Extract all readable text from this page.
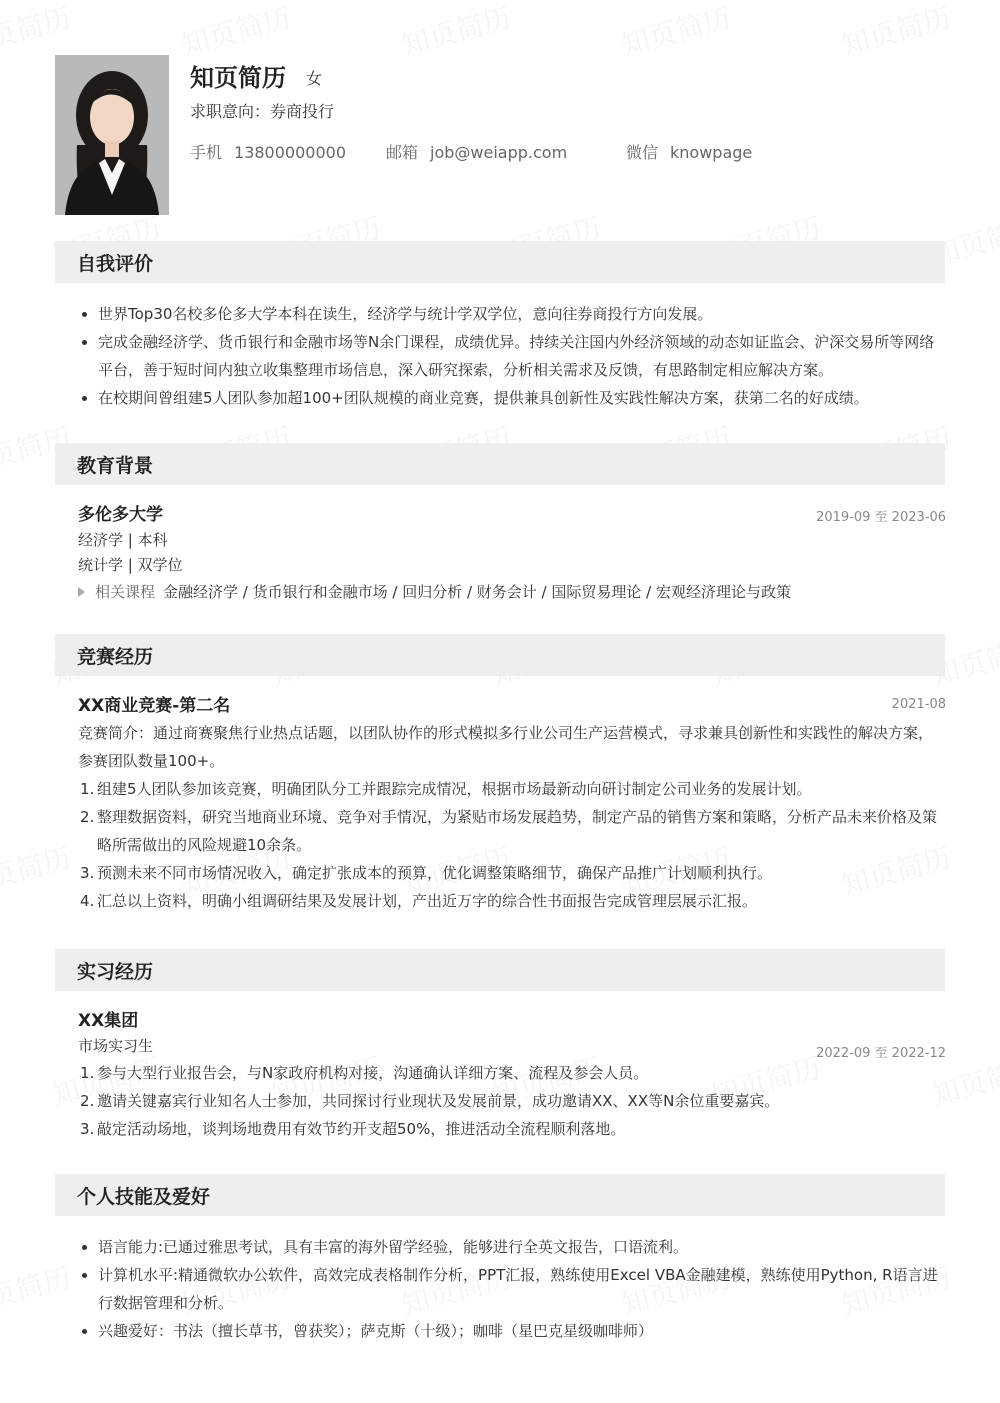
知页简历 女
求职意向：券商投行
手机 13800000000	邮箱 job@weiapp.com	微信 knowpage
自我评价
世界Top30名校多伦多大学本科在读生，经济学与统计学双学位，意向往券商投行方向发展。
完成金融经济学、货币银行和金融市场等N余门课程，成绩优异。持续关注国内外经济领域的动态如证监会、沪深交易所等网络平台，善于短时间内独立收集整理市场信息，深入研究探索，分析相关需求及反馈，有思路制定相应解决方案。
在校期间曾组建5人团队参加超100+团队规模的商业竞赛，提供兼具创新性及实践性解决方案，获第二名的好成绩。
教育背景
多伦多大学	2019-09 至 2023-06
经济学 | 本科
统计学 | 双学位
相关课程 金融经济学 / 货币银行和金融市场 / 回归分析 / 财务会计 / 国际贸易理论 / 宏观经济理论与政策
竞赛经历
XX商业竞赛-第二名	2021-08
竞赛简介：通过商赛聚焦行业热点话题，以团队协作的形式模拟多行业公司生产运营模式，寻求兼具创新性和实践性的解决方案，参赛团队数量100+。
1. 组建5人团队参加该竞赛，明确团队分工并跟踪完成情况，根据市场最新动向研讨制定公司业务的发展计划。
2. 整理数据资料，研究当地商业环境、竞争对手情况，为紧贴市场发展趋势，制定产品的销售方案和策略，分析产品未来价格及策略所需做出的风险规避10余条。
3. 预测未来不同市场情况收入，确定扩张成本的预算，优化调整策略细节，确保产品推广计划顺利执行。
4. 汇总以上资料，明确小组调研结果及发展计划，产出近万字的综合性书面报告完成管理层展示汇报。
实习经历
XX集团
市场实习生	2022-09 至 2022-12
1. 参与大型行业报告会，与N家政府机构对接，沟通确认详细方案、流程及参会人员。
2. 邀请关键嘉宾行业知名人士参加，共同探讨行业现状及发展前景，成功邀请XX、XX等N余位重要嘉宾。
3. 敲定活动场地，谈判场地费用有效节约开支超50%，推进活动全流程顺利落地。
个人技能及爱好
语言能力:已通过雅思考试，具有丰富的海外留学经验，能够进行全英文报告，口语流利。
计算机水平:精通微软办公软件，高效完成表格制作分析，PPT汇报，熟练使用Excel VBA金融建模，熟练使用Python, R语言进行数据管理和分析。
兴趣爱好：书法（擅长草书，曾获奖）；萨克斯（十级）；咖啡（星巴克星级咖啡师）
